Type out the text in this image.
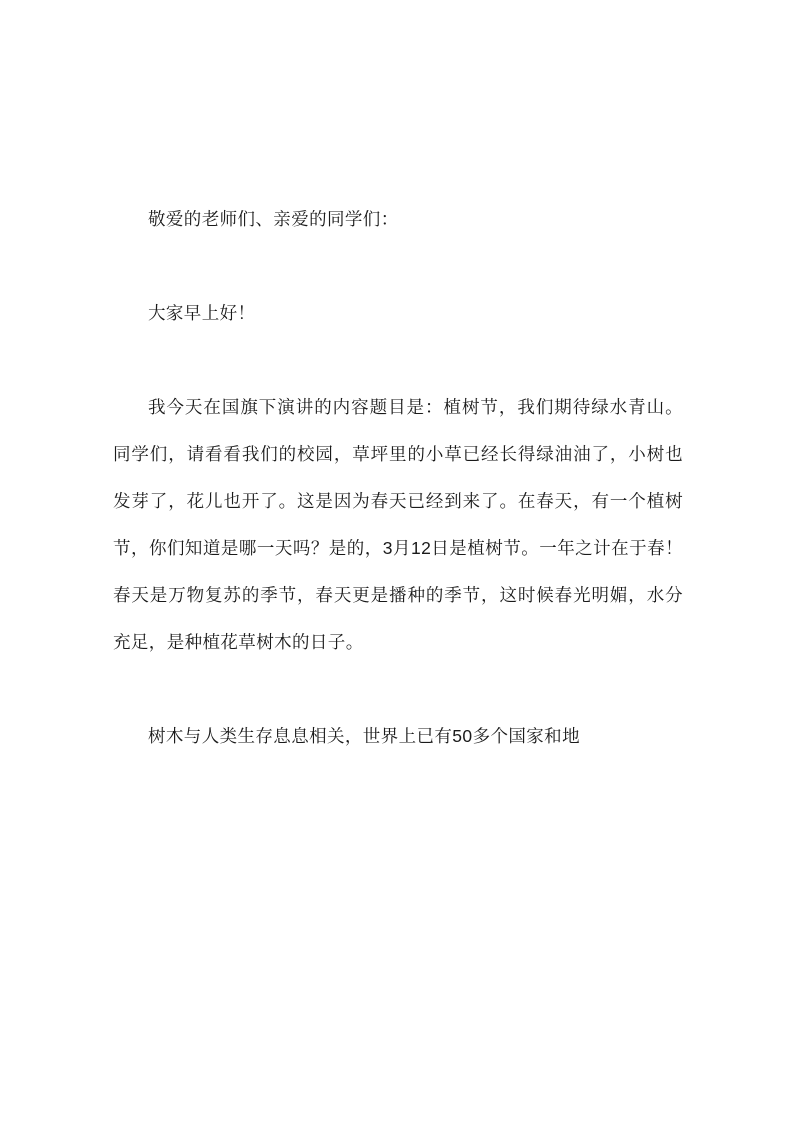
敬爱的老师们、亲爱的同学们：

大家早上好！

我今天在国旗下演讲的内容题目是：植树节，我们期待绿水青山。同学们，请看看我们的校园，草坪里的小草已经长得绿油油了，小树也发芽了，花儿也开了。这是因为春天已经到来了。在春天，有一个植树节，你们知道是哪一天吗？是的，3月12日是植树节。一年之计在于春！春天是万物复苏的季节，春天更是播种的季节，这时候春光明媚，水分充足，是种植花草树木的日子。

树木与人类生存息息相关，世界上已有50多个国家和地
